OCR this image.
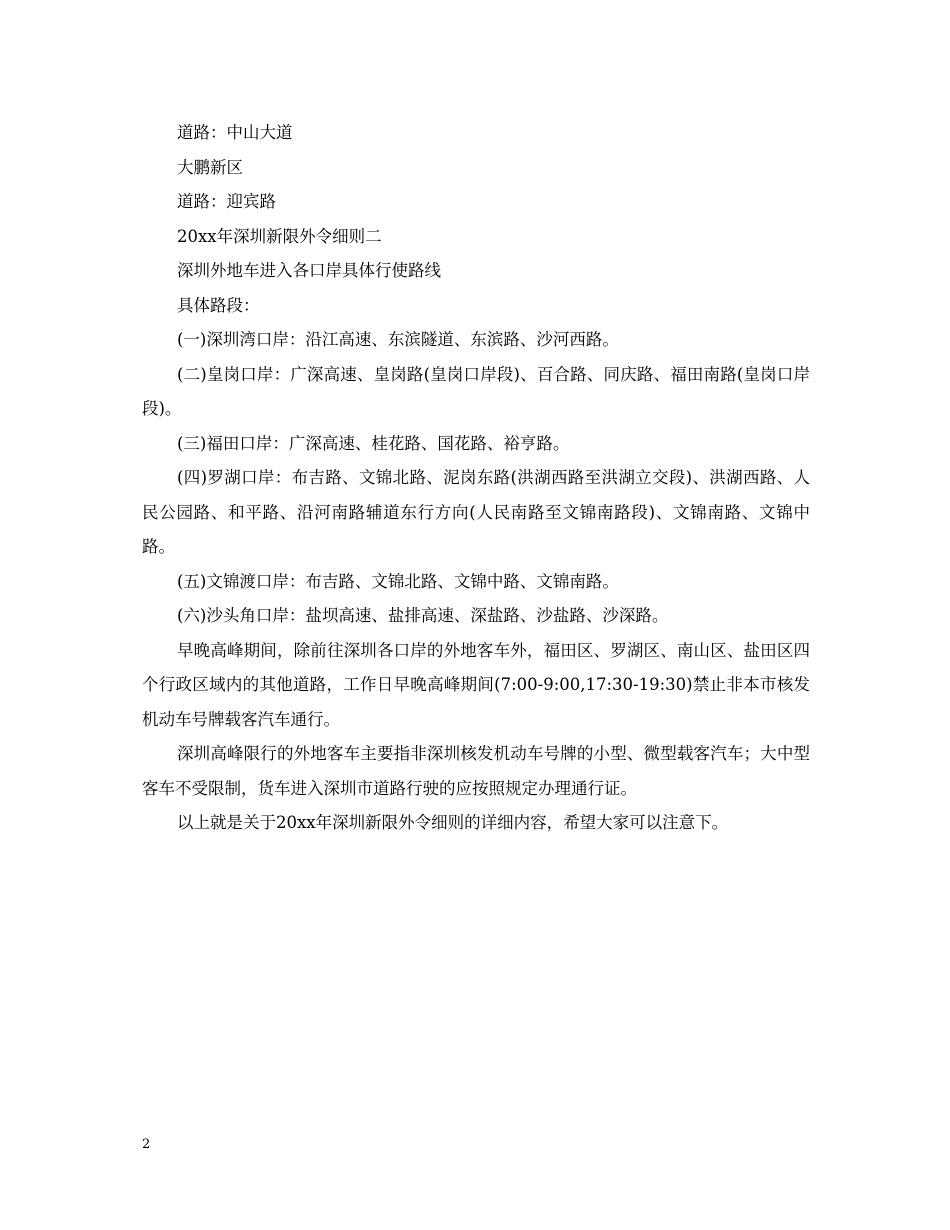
道路：中山大道

大鹏新区

道路：迎宾路

20xx年深圳新限外令细则二

深圳外地车进入各口岸具体行使路线

具体路段：

(一)深圳湾口岸：沿江高速、东滨隧道、东滨路、沙河西路。

(二)皇岗口岸：广深高速、皇岗路(皇岗口岸段)、百合路、同庆路、福田南路(皇岗口岸段)。

(三)福田口岸：广深高速、桂花路、国花路、裕亨路。

(四)罗湖口岸：布吉路、文锦北路、泥岗东路(洪湖西路至洪湖立交段)、洪湖西路、人民公园路、和平路、沿河南路辅道东行方向(人民南路至文锦南路段)、文锦南路、文锦中路。

(五)文锦渡口岸：布吉路、文锦北路、文锦中路、文锦南路。

(六)沙头角口岸：盐坝高速、盐排高速、深盐路、沙盐路、沙深路。

早晚高峰期间，除前往深圳各口岸的外地客车外，福田区、罗湖区、南山区、盐田区四个行政区域内的其他道路，工作日早晚高峰期间(7:00-9:00,17:30-19:30)禁止非本市核发机动车号牌载客汽车通行。

深圳高峰限行的外地客车主要指非深圳核发机动车号牌的小型、微型载客汽车；大中型客车不受限制，货车进入深圳市道路行驶的应按照规定办理通行证。

以上就是关于20xx年深圳新限外令细则的详细内容，希望大家可以注意下。

2
